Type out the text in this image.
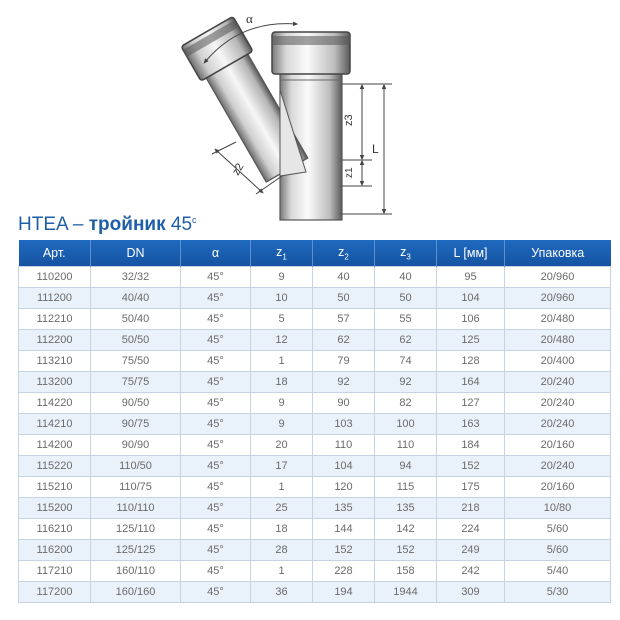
α
z3
z1
L
z2
HTEA – тройник 45$^c$
Арт.	DN	α	$z_1$	$z_2$	$z_3$	L [мм]	Упаковка
110200	32/32	45°	9	40	40	95	20/960
111200	40/40	45°	10	50	50	104	20/960
112210	50/40	45°	5	57	55	106	20/480
112200	50/50	45°	12	62	62	125	20/480
113210	75/50	45°	1	79	74	128	20/400
113200	75/75	45°	18	92	92	164	20/240
114220	90/50	45°	9	90	82	127	20/240
114210	90/75	45°	9	103	100	163	20/240
114200	90/90	45°	20	110	110	184	20/160
115220	110/50	45°	17	104	94	152	20/240
115210	110/75	45°	1	120	115	175	20/160
115200	110/110	45°	25	135	135	218	10/80
116210	125/110	45°	18	144	142	224	5/60
116200	125/125	45°	28	152	152	249	5/60
117210	160/110	45°	1	228	158	242	5/40
117200	160/160	45°	36	194	1944	309	5/30
